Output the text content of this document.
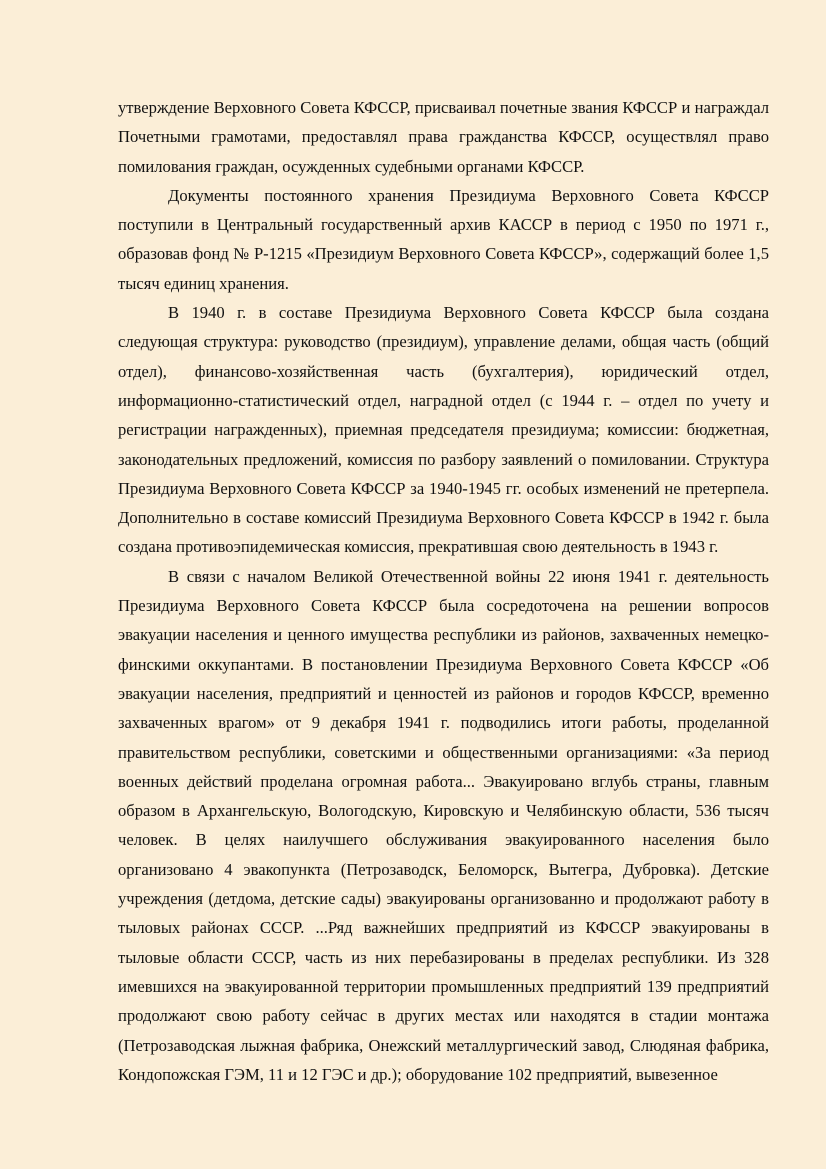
утверждение Верховного Совета КФССР, присваивал почетные звания КФССР и награждал Почетными грамотами, предоставлял права гражданства КФССР, осуществлял право помилования граждан, осужденных судебными органами КФССР.

Документы постоянного хранения Президиума Верховного Совета КФССР поступили в Центральный государственный архив КАССР в период с 1950 по 1971 г., образовав фонд № Р-1215 «Президиум Верховного Совета КФССР», содержащий более 1,5 тысяч единиц хранения.

В 1940 г. в составе Президиума Верховного Совета КФССР была создана следующая структура: руководство (президиум), управление делами, общая часть (общий отдел), финансово-хозяйственная часть (бухгалтерия), юридический отдел, информационно-статистический отдел, наградной отдел (с 1944 г. – отдел по учету и регистрации награжденных), приемная председателя президиума; комиссии: бюджетная, законодательных предложений, комиссия по разбору заявлений о помиловании. Структура Президиума Верховного Совета КФССР за 1940-1945 гг. особых изменений не претерпела. Дополнительно в составе комиссий Президиума Верховного Совета КФССР в 1942 г. была создана противоэпидемическая комиссия, прекратившая свою деятельность в 1943 г.

В связи с началом Великой Отечественной войны 22 июня 1941 г. деятельность Президиума Верховного Совета КФССР была сосредоточена на решении вопросов эвакуации населения и ценного имущества республики из районов, захваченных немецко-финскими оккупантами. В постановлении Президиума Верховного Совета КФССР «Об эвакуации населения, предприятий и ценностей из районов и городов КФССР, временно захваченных врагом» от 9 декабря 1941 г. подводились итоги работы, проделанной правительством республики, советскими и общественными организациями: «За период военных действий проделана огромная работа... Эвакуировано вглубь страны, главным образом в Архангельскую, Вологодскую, Кировскую и Челябинскую области, 536 тысяч человек. В целях наилучшего обслуживания эвакуированного населения было организовано 4 эвакопункта (Петрозаводск, Беломорск, Вытегра, Дубровка). Детские учреждения (детдома, детские сады) эвакуированы организованно и продолжают работу в тыловых районах СССР. ...Ряд важнейших предприятий из КФССР эвакуированы в тыловые области СССР, часть из них перебазированы в пределах республики. Из 328 имевшихся на эвакуированной территории промышленных предприятий 139 предприятий продолжают свою работу сейчас в других местах или находятся в стадии монтажа (Петрозаводская лыжная фабрика, Онежский металлургический завод, Слюдяная фабрика, Кондопожская ГЭМ, 11 и 12 ГЭС и др.); оборудование 102 предприятий, вывезенное
